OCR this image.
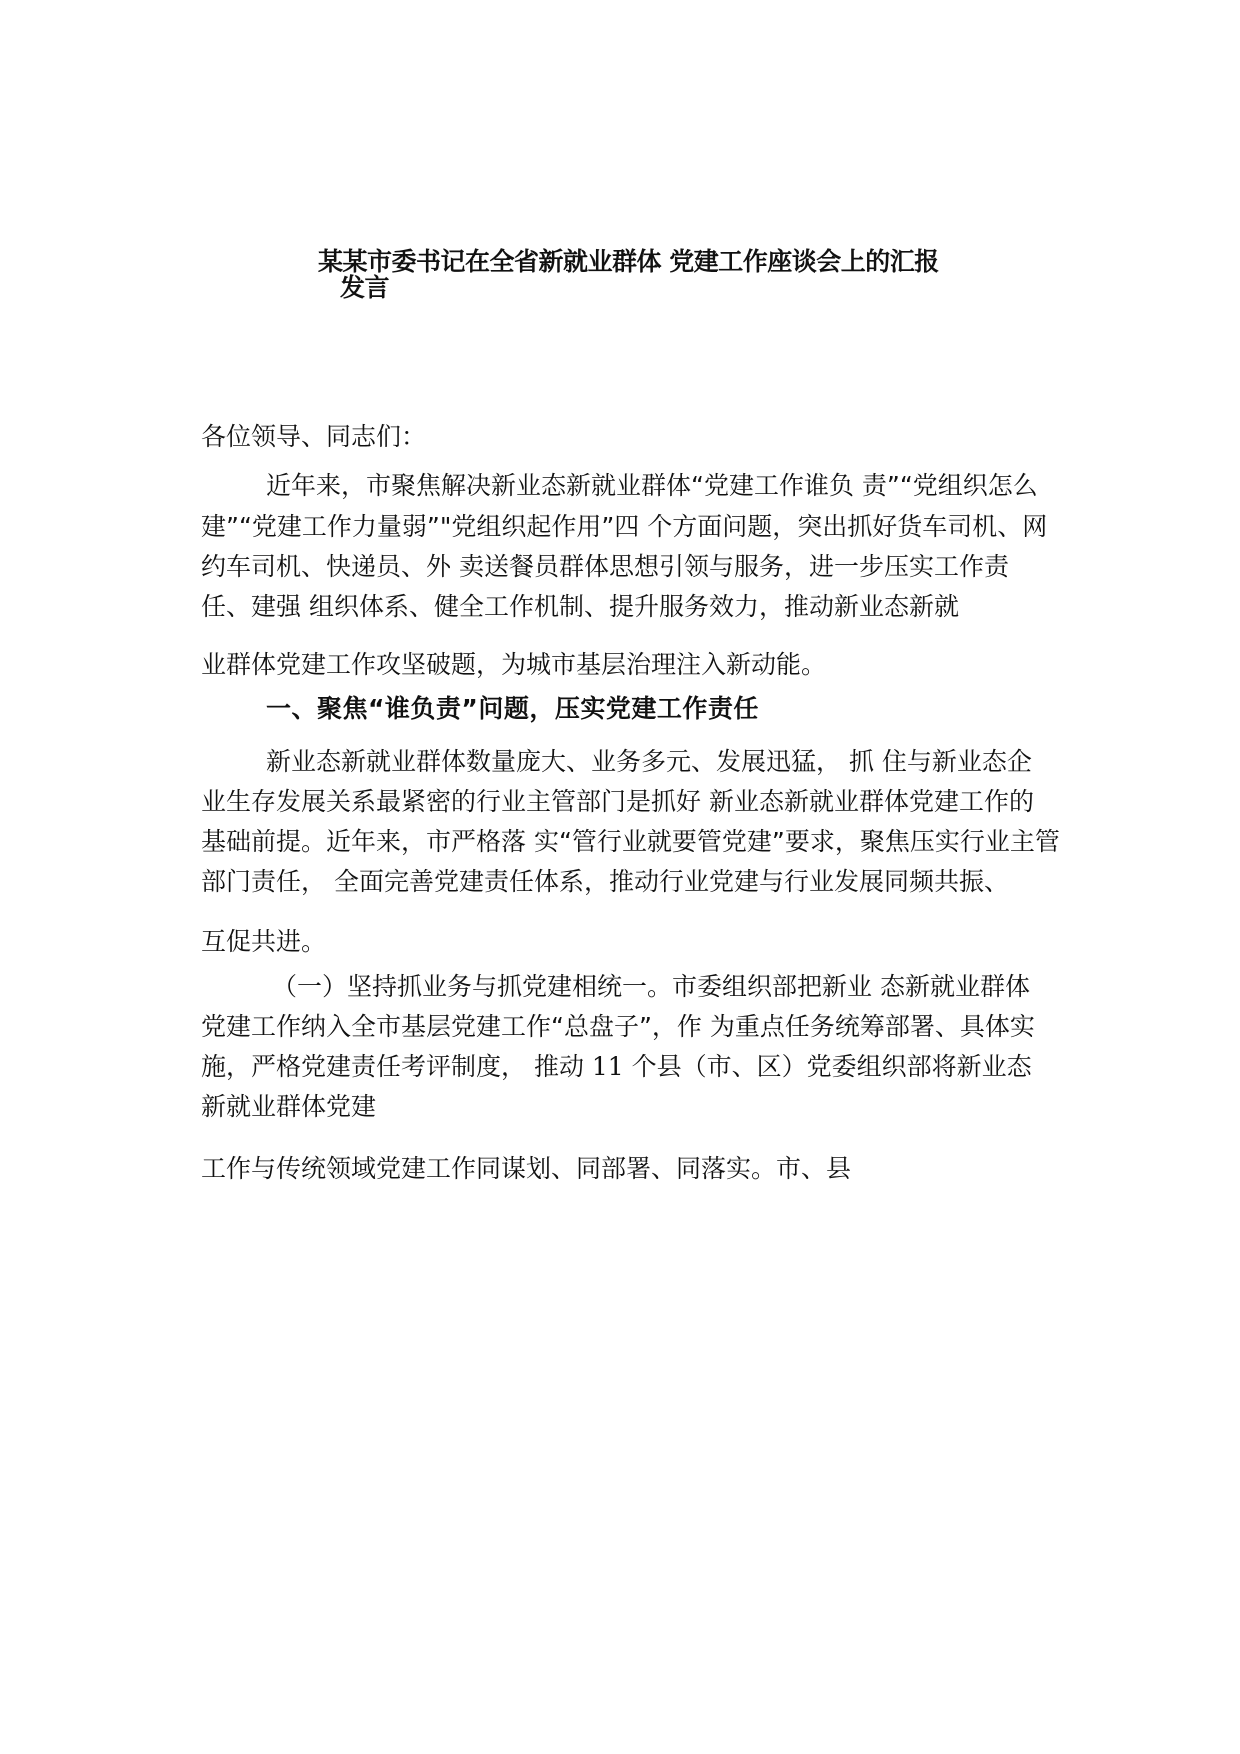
某某市委书记在全省新就业群体 党建工作座谈会上的汇报
发言
各位领导、同志们：
近年来，市聚焦解决新业态新就业群体“党建工作谁负 责”“党组织怎么
建”“党建工作力量弱”"党组织起作用”四 个方面问题，突出抓好货车司机、网
约车司机、快递员、外 卖送餐员群体思想引领与服务，进一步压实工作责
任、建强 组织体系、健全工作机制、提升服务效力，推动新业态新就
业群体党建工作攻坚破题，为城市基层治理注入新动能。
一、聚焦“谁负责”问题，压实党建工作责任
新业态新就业群体数量庞大、业务多元、发展迅猛， 抓 住与新业态企
业生存发展关系最紧密的行业主管部门是抓好 新业态新就业群体党建工作的
基础前提。近年来，市严格落 实“管行业就要管党建”要求，聚焦压实行业主管
部门责任， 全面完善党建责任体系，推动行业党建与行业发展同频共振、
互促共进。
（一）坚持抓业务与抓党建相统一。市委组织部把新业 态新就业群体
党建工作纳入全市基层党建工作“总盘子”，作 为重点任务统筹部署、具体实
施，严格党建责任考评制度， 推动 11 个县（市、区）党委组织部将新业态
新就业群体党建
工作与传统领域党建工作同谋划、同部署、同落实。市、县
